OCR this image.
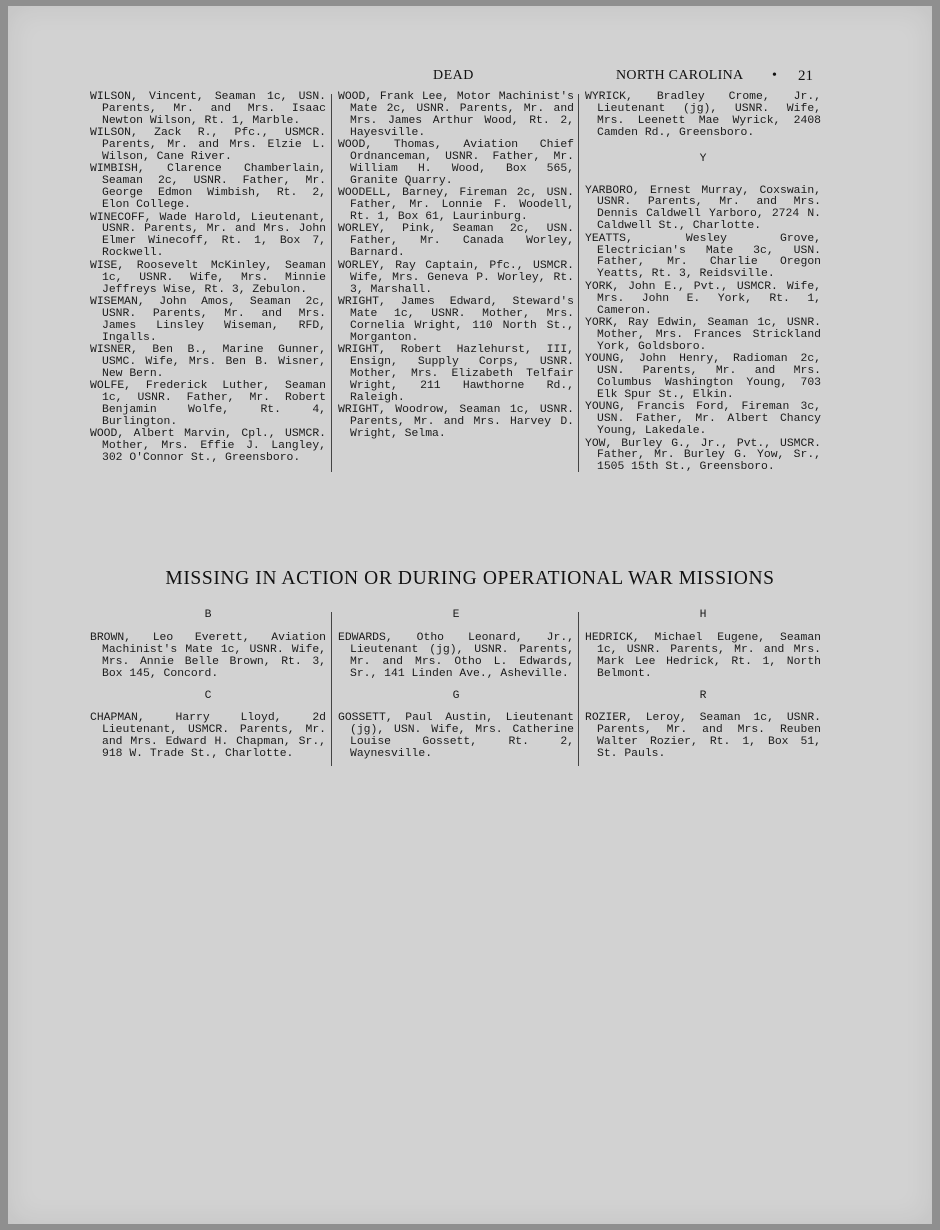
DEAD	NORTH CAROLINA • 21

WILSON, Vincent, Seaman 1c, USN. Parents, Mr. and Mrs. Isaac Newton Wilson, Rt. 1, Marble.

WILSON, Zack R., Pfc., USMCR. Parents, Mr. and Mrs. Elzie L. Wilson, Cane River.

WIMBISH, Clarence Chamberlain, Seaman 2c, USNR. Father, Mr. George Edmon Wimbish, Rt. 2, Elon College.

WINECOFF, Wade Harold, Lieutenant, USNR. Parents, Mr. and Mrs. John Elmer Winecoff, Rt. 1, Box 7, Rockwell.

WISE, Roosevelt McKinley, Seaman 1c, USNR. Wife, Mrs. Minnie Jeffreys Wise, Rt. 3, Zebulon.

WISEMAN, John Amos, Seaman 2c, USNR. Parents, Mr. and Mrs. James Linsley Wiseman, RFD, Ingalls.

WISNER, Ben B., Marine Gunner, USMC. Wife, Mrs. Ben B. Wisner, New Bern.

WOLFE, Frederick Luther, Seaman 1c, USNR. Father, Mr. Robert Benjamin Wolfe, Rt. 4, Burlington.

WOOD, Albert Marvin, Cpl., USMCR. Mother, Mrs. Effie J. Langley, 302 O'Connor St., Greensboro.

WOOD, Frank Lee, Motor Machinist's Mate 2c, USNR. Parents, Mr. and Mrs. James Arthur Wood, Rt. 2, Hayesville.

WOOD, Thomas, Aviation Chief Ordnanceman, USNR. Father, Mr. William H. Wood, Box 565, Granite Quarry.

WOODELL, Barney, Fireman 2c, USN. Father, Mr. Lonnie F. Woodell, Rt. 1, Box 61, Laurinburg.

WORLEY, Pink, Seaman 2c, USN. Father, Mr. Canada Worley, Barnard.

WORLEY, Ray Captain, Pfc., USMCR. Wife, Mrs. Geneva P. Worley, Rt. 3, Marshall.

WRIGHT, James Edward, Steward's Mate 1c, USNR. Mother, Mrs. Cornelia Wright, 110 North St., Morganton.

WRIGHT, Robert Hazlehurst, III, Ensign, Supply Corps, USNR. Mother, Mrs. Elizabeth Telfair Wright, 211 Hawthorne Rd., Raleigh.

WRIGHT, Woodrow, Seaman 1c, USNR. Parents, Mr. and Mrs. Harvey D. Wright, Selma.

WYRICK, Bradley Crome, Jr., Lieutenant (jg), USNR. Wife, Mrs. Leenett Mae Wyrick, 2408 Camden Rd., Greensboro.

Y

YARBORO, Ernest Murray, Coxswain, USNR. Parents, Mr. and Mrs. Dennis Caldwell Yarboro, 2724 N. Caldwell St., Charlotte.

YEATTS, Wesley Grove, Electrician's Mate 3c, USN. Father, Mr. Charlie Oregon Yeatts, Rt. 3, Reidsville.

YORK, John E., Pvt., USMCR. Wife, Mrs. John E. York, Rt. 1, Cameron.

YORK, Ray Edwin, Seaman 1c, USNR. Mother, Mrs. Frances Strickland York, Goldsboro.

YOUNG, John Henry, Radioman 2c, USN. Parents, Mr. and Mrs. Columbus Washington Young, 703 Elk Spur St., Elkin.

YOUNG, Francis Ford, Fireman 3c, USN. Father, Mr. Albert Chancy Young, Lakedale.

YOW, Burley G., Jr., Pvt., USMCR. Father, Mr. Burley G. Yow, Sr., 1505 15th St., Greensboro.

MISSING IN ACTION OR DURING OPERATIONAL WAR MISSIONS
B

BROWN, Leo Everett, Aviation Machinist's Mate 1c, USNR. Wife, Mrs. Annie Belle Brown, Rt. 3, Box 145, Concord.

C

CHAPMAN, Harry Lloyd, 2d Lieutenant, USMCR. Parents, Mr. and Mrs. Edward H. Chapman, Sr., 918 W. Trade St., Charlotte.

E

EDWARDS, Otho Leonard, Jr., Lieutenant (jg), USNR. Parents, Mr. and Mrs. Otho L. Edwards, Sr., 141 Linden Ave., Asheville.

G

GOSSETT, Paul Austin, Lieutenant (jg), USN. Wife, Mrs. Catherine Louise Gossett, Rt. 2, Waynesville.

H

HEDRICK, Michael Eugene, Seaman 1c, USNR. Parents, Mr. and Mrs. Mark Lee Hedrick, Rt. 1, North Belmont.

R

ROZIER, Leroy, Seaman 1c, USNR. Parents, Mr. and Mrs. Reuben Walter Rozier, Rt. 1, Box 51, St. Pauls.
